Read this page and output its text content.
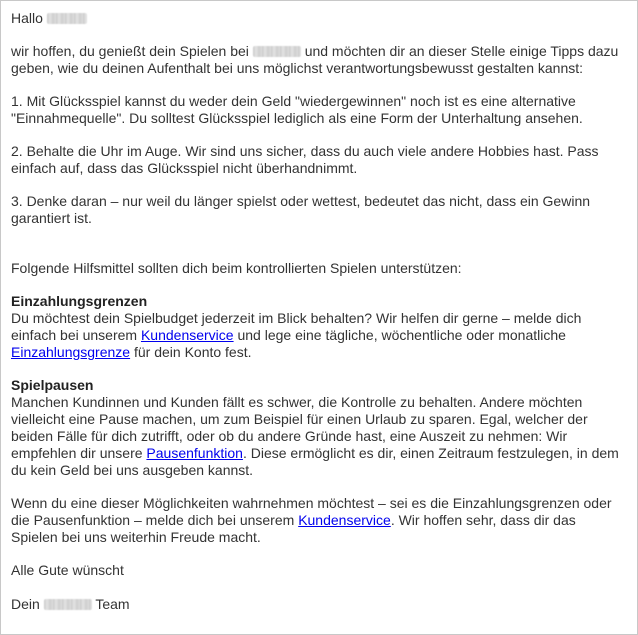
Hallo

wir hoffen, du genießt dein Spielen bei	und möchten dir an dieser Stelle einige Tipps dazu geben, wie du deinen Aufenthalt bei uns möglichst verantwortungsbewusst gestalten kannst:

1. Mit Glücksspiel kannst du weder dein Geld "wiedergewinnen" noch ist es eine alternative "Einnahmequelle". Du solltest Glücksspiel lediglich als eine Form der Unterhaltung ansehen.

2. Behalte die Uhr im Auge. Wir sind uns sicher, dass du auch viele andere Hobbies hast. Pass einfach auf, dass das Glücksspiel nicht überhandnimmt.

3. Denke daran – nur weil du länger spielst oder wettest, bedeutet das nicht, dass ein Gewinn garantiert ist.

Folgende Hilfsmittel sollten dich beim kontrollierten Spielen unterstützen:

Einzahlungsgrenzen

Du möchtest dein Spielbudget jederzeit im Blick behalten? Wir helfen dir gerne – melde dich einfach bei unserem Kundenservice und lege eine tägliche, wöchentliche oder monatliche Einzahlungsgrenze für dein Konto fest.

Spielpausen

Manchen Kundinnen und Kunden fällt es schwer, die Kontrolle zu behalten. Andere möchten vielleicht eine Pause machen, um zum Beispiel für einen Urlaub zu sparen. Egal, welcher der beiden Fälle für dich zutrifft, oder ob du andere Gründe hast, eine Auszeit zu nehmen: Wir empfehlen dir unsere Pausenfunktion. Diese ermöglicht es dir, einen Zeitraum festzulegen, in dem du kein Geld bei uns ausgeben kannst.

Wenn du eine dieser Möglichkeiten wahrnehmen möchtest – sei es die Einzahlungsgrenzen oder die Pausenfunktion – melde dich bei unserem Kundenservice. Wir hoffen sehr, dass dir das Spielen bei uns weiterhin Freude macht.

Alle Gute wünscht

Dein	Team
